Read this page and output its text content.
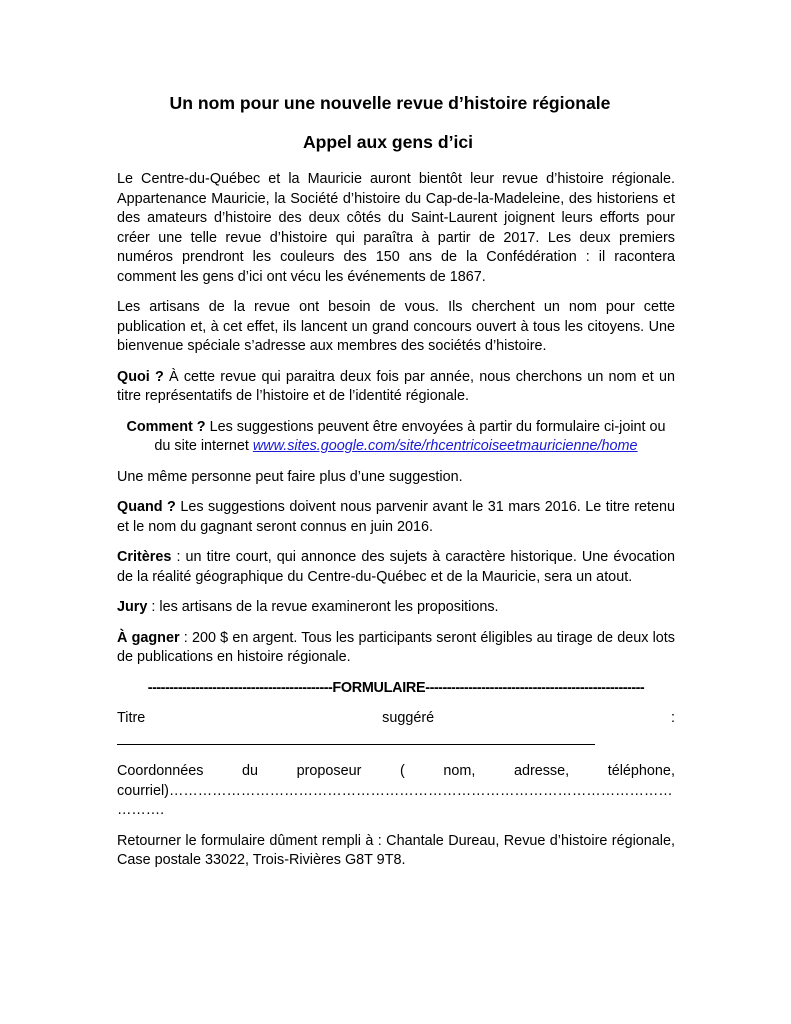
Un nom pour une nouvelle revue d’histoire régionale
Appel aux gens d’ici

Le Centre-du-Québec et la Mauricie auront bientôt leur revue d’histoire régionale. Appartenance Mauricie, la Société d’histoire du Cap-de-la-Madeleine, des historiens et des amateurs d’histoire des deux côtés du Saint-Laurent joignent leurs efforts pour créer une telle revue d’histoire qui paraîtra à partir de 2017. Les deux premiers numéros prendront les couleurs des 150 ans de la Confédération : il racontera comment les gens d’ici ont vécu les événements de 1867.

Les artisans de la revue ont besoin de vous. Ils cherchent un nom pour cette publication et, à cet effet, ils lancent un grand concours ouvert à tous les citoyens. Une bienvenue spéciale s’adresse aux membres des sociétés d’histoire.

Quoi ? À cette revue qui paraitra deux fois par année, nous cherchons un nom et un titre représentatifs de l’histoire et de l’identité régionale.

Comment ? Les suggestions peuvent être envoyées à partir du formulaire ci-joint ou du site internet www.sites.google.com/site/rhcentricoiseetmauricienne/home

Une même personne peut faire plus d’une suggestion.

Quand ? Les suggestions doivent nous parvenir avant le 31 mars 2016. Le titre retenu et le nom du gagnant seront connus en juin 2016.

Critères : un titre court, qui annonce des sujets à caractère historique. Une évocation de la réalité géographique du Centre-du-Québec et de la Mauricie, sera un atout.

Jury : les artisans de la revue examineront les propositions.

À gagner : 200 $ en argent. Tous les participants seront éligibles au tirage de deux lots de publications en histoire régionale.

-------------------------------------------FORMULAIRE---------------------------------------------------

Titre suggéré :

Coordonnées	du	proposeur	(	nom,	adresse,	téléphone,
courriel)……………………………………………………………………………………………
……….

Retourner le formulaire dûment rempli à : Chantale Dureau, Revue d’histoire régionale, Case postale 33022, Trois-Rivières G8T 9T8.
